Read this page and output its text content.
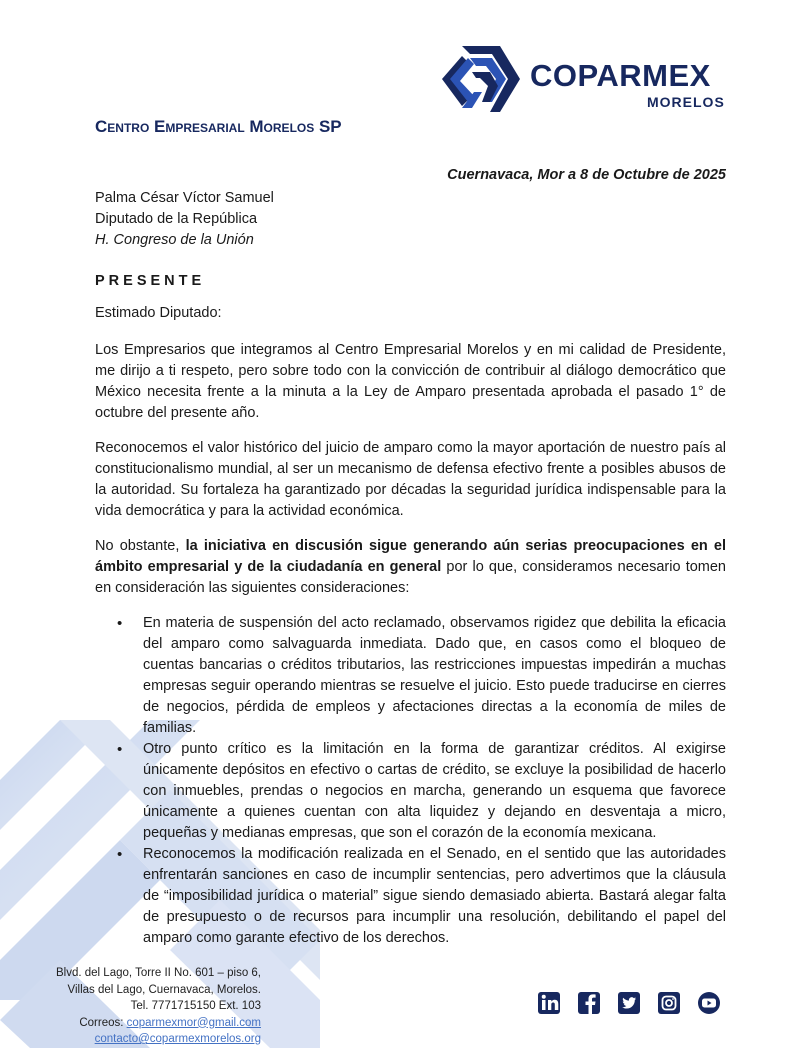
COPARMEX
MORELOS
Centro Empresarial Morelos SP
Cuernavaca, Mor a 8 de Octubre de 2025
Palma César Víctor Samuel
Diputado de la República
H. Congreso de la Unión
PRESENTE
Estimado Diputado:

Los Empresarios que integramos al Centro Empresarial Morelos y en mi calidad de Presidente, me dirijo a ti respeto, pero sobre todo con la convicción de contribuir al diálogo democrático que México necesita frente a la minuta a la Ley de Amparo presentada aprobada el pasado 1° de octubre del presente año.

Reconocemos el valor histórico del juicio de amparo como la mayor aportación de nuestro país al constitucionalismo mundial, al ser un mecanismo de defensa efectivo frente a posibles abusos de la autoridad. Su fortaleza ha garantizado por décadas la seguridad jurídica indispensable para la vida democrática y para la actividad económica.

No obstante, la iniciativa en discusión sigue generando aún serias preocupaciones en el ámbito empresarial y de la ciudadanía en general por lo que, consideramos necesario tomen en consideración las siguientes consideraciones:

• En materia de suspensión del acto reclamado, observamos rigidez que debilita la eficacia del amparo como salvaguarda inmediata. Dado que, en casos como el bloqueo de cuentas bancarias o créditos tributarios, las restricciones impuestas impedirán a muchas empresas seguir operando mientras se resuelve el juicio. Esto puede traducirse en cierres de negocios, pérdida de empleos y afectaciones directas a la economía de miles de familias.
• Otro punto crítico es la limitación en la forma de garantizar créditos. Al exigirse únicamente depósitos en efectivo o cartas de crédito, se excluye la posibilidad de hacerlo con inmuebles, prendas o negocios en marcha, generando un esquema que favorece únicamente a quienes cuentan con alta liquidez y dejando en desventaja a micro, pequeñas y medianas empresas, que son el corazón de la economía mexicana.
• Reconocemos la modificación realizada en el Senado, en el sentido que las autoridades enfrentarán sanciones en caso de incumplir sentencias, pero advertimos que la cláusula de “imposibilidad jurídica o material” sigue siendo demasiado abierta. Bastará alegar falta de presupuesto o de recursos para incumplir una resolución, debilitando el papel del amparo como garante efectivo de los derechos.
Blvd. del Lago, Torre II No. 601 – piso 6,
Villas del Lago, Cuernavaca, Morelos.
Tel. 7771715150 Ext. 103
Correos: coparmexmor@gmail.com
contacto@coparmexmorelos.org
